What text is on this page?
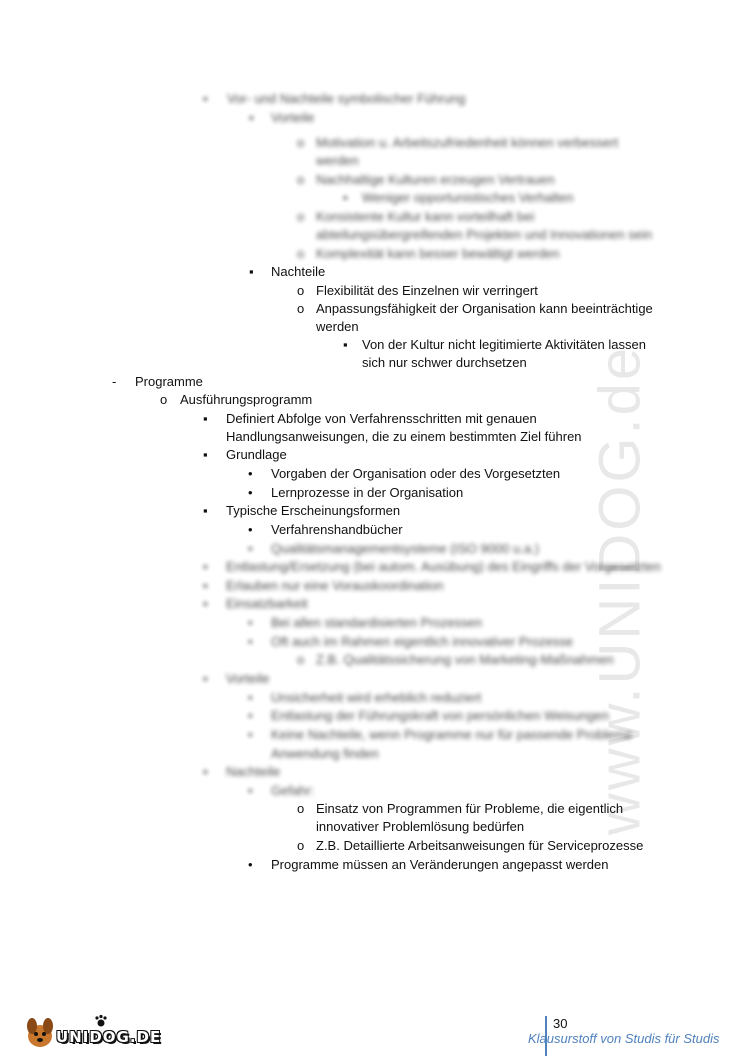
www.UNIDOG.de
▪ Vor- und Nachteile symbolischer Führung
▪ Vorteile
o Motivation u. Arbeitszufriedenheit können verbessert
werden
o Nachhaltige Kulturen erzeugen Vertrauen
▪ Weniger opportunistisches Verhalten
o Konsistente Kultur kann vorteilhaft bei
abteilungsübergreifenden Projekten und Innovationen sein
o Komplexität kann besser bewältigt werden
▪ Nachteile
o Flexibilität des Einzelnen wir verringert
o Anpassungsfähigkeit der Organisation kann beeinträchtige
werden
▪ Von der Kultur nicht legitimierte Aktivitäten lassen
sich nur schwer durchsetzen
- Programme
o Ausführungsprogramm
▪ Definiert Abfolge von Verfahrensschritten mit genauen
Handlungsanweisungen, die zu einem bestimmten Ziel führen
▪ Grundlage
• Vorgaben der Organisation oder des Vorgesetzten
• Lernprozesse in der Organisation
▪ Typische Erscheinungsformen
• Verfahrenshandbücher
• Qualitätsmanagementsysteme (ISO 9000 u.a.)
▪ Entlastung/Ersetzung (bei autom. Ausübung) des Eingriffs der Vorgesetzten
▪ Erlauben nur eine Vorauskoordination
▪ Einsatzbarkeit
• Bei allen standardisierten Prozessen
• Oft auch im Rahmen eigentlich innovativer Prozesse
o Z.B. Qualitätssicherung von Marketing-Maßnahmen
▪ Vorteile
• Unsicherheit wird erheblich reduziert
• Entlastung der Führungskraft von persönlichen Weisungen
• Keine Nachteile, wenn Programme nur für passende Probleme
Anwendung finden
▪ Nachteile
• Gefahr:
o Einsatz von Programmen für Probleme, die eigentlich
innovativer Problemlösung bedürfen
o Z.B. Detaillierte Arbeitsanweisungen für Serviceprozesse
• Programme müssen an Veränderungen angepasst werden
30
Klausurstoff von Studis für Studis
UNIDOG.DE
